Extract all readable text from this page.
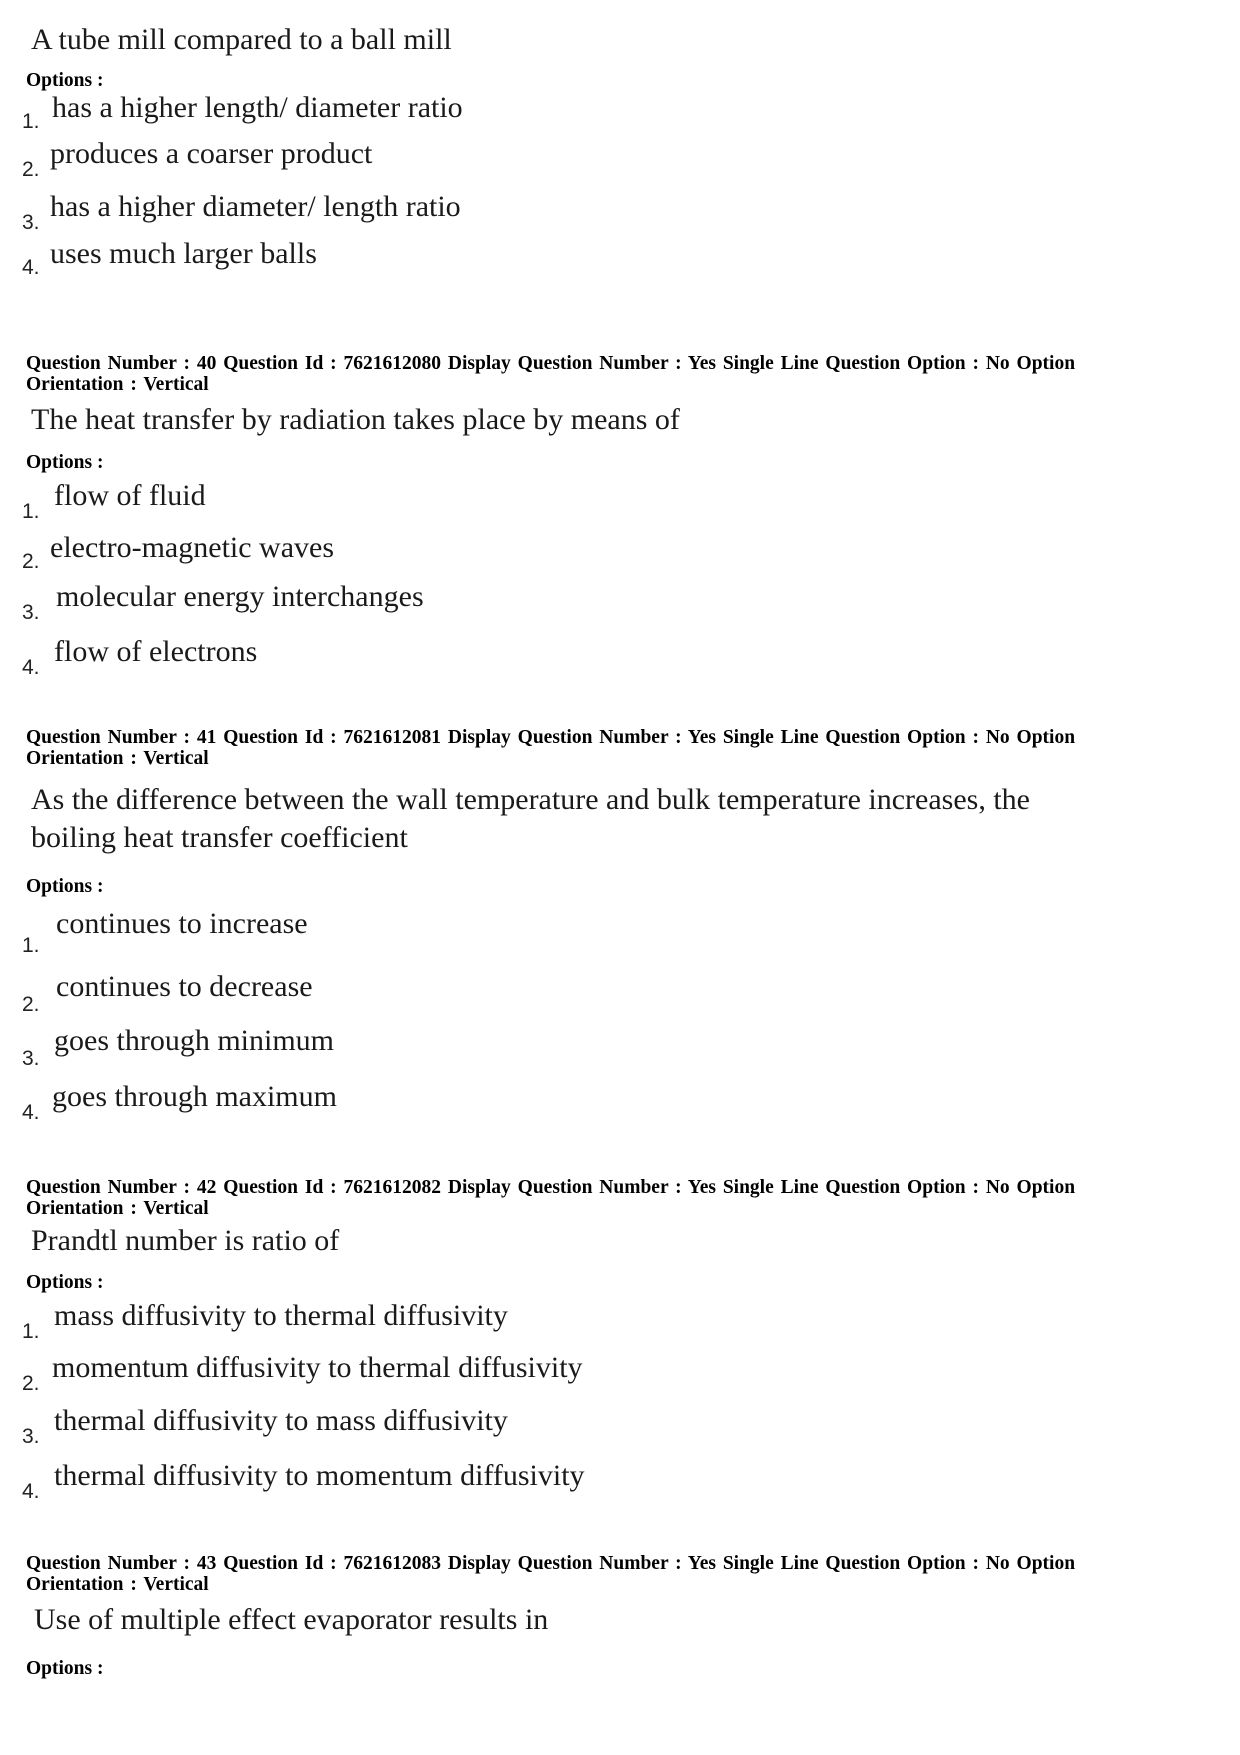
A tube mill compared to a ball mill
Options :
1. has a higher length/ diameter ratio
2. produces a coarser product
3. has a higher diameter/ length ratio
4. uses much larger balls
Question Number : 40 Question Id : 7621612080 Display Question Number : Yes Single Line Question Option : No Option
Orientation : Vertical
The heat transfer by radiation takes place by means of
Options :
1. flow of fluid
2. electro-magnetic waves
3. molecular energy interchanges
4. flow of electrons
Question Number : 41 Question Id : 7621612081 Display Question Number : Yes Single Line Question Option : No Option
Orientation : Vertical
As the difference between the wall temperature and bulk temperature increases, the
boiling heat transfer coefficient
Options :
1.
continues to increase
2.
continues to decrease
3.
goes through minimum
4. goes through maximum
Question Number : 42 Question Id : 7621612082 Display Question Number : Yes Single Line Question Option : No Option
Orientation : Vertical
Prandtl number is ratio of
Options :
1. mass diffusivity to thermal diffusivity
2. momentum diffusivity to thermal diffusivity
3. thermal diffusivity to mass diffusivity
4. thermal diffusivity to momentum diffusivity
Question Number : 43 Question Id : 7621612083 Display Question Number : Yes Single Line Question Option : No Option
Orientation : Vertical
Use of multiple effect evaporator results in
Options :
